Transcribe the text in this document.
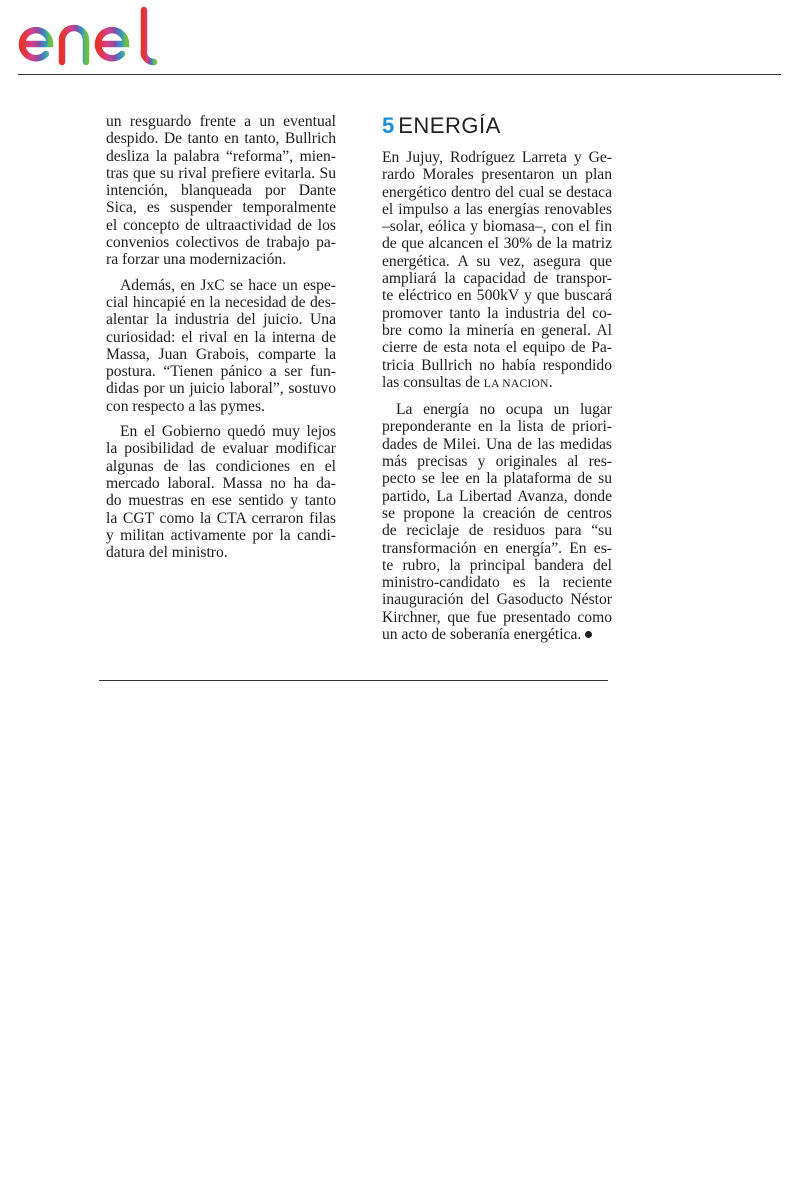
un resguardo frente a un eventual
despido. De tanto en tanto, Bullrich
desliza la palabra “reforma”, mien-
tras que su rival prefiere evitarla. Su
intención, blanqueada por Dante
Sica, es suspender temporalmente
el concepto de ultraactividad de los
convenios colectivos de trabajo pa-
ra forzar una modernización.

Además, en JxC se hace un espe-
cial hincapié en la necesidad de des-
alentar la industria del juicio. Una
curiosidad: el rival en la interna de
Massa, Juan Grabois, comparte la
postura. “Tienen pánico a ser fun-
didas por un juicio laboral”, sostuvo
con respecto a las pymes.

En el Gobierno quedó muy lejos
la posibilidad de evaluar modificar
algunas de las condiciones en el
mercado laboral. Massa no ha da-
do muestras en ese sentido y tanto
la CGT como la CTA cerraron filas
y militan activamente por la candi-
datura del ministro.

5 ENERGÍA

En Jujuy, Rodríguez Larreta y Ge-
rardo Morales presentaron un plan
energético dentro del cual se destaca
el impulso a las energías renovables
–solar, eólica y biomasa–, con el fin
de que alcancen el 30% de la matriz
energética. A su vez, asegura que
ampliará la capacidad de transpor-
te eléctrico en 500kV y que buscará
promover tanto la industria del co-
bre como la minería en general. Al
cierre de esta nota el equipo de Pa-
tricia Bullrich no había respondido
las consultas de LA NACION.

La energía no ocupa un lugar
preponderante en la lista de priori-
dades de Milei. Una de las medidas
más precisas y originales al res-
pecto se lee en la plataforma de su
partido, La Libertad Avanza, donde
se propone la creación de centros
de reciclaje de residuos para “su
transformación en energía”. En es-
te rubro, la principal bandera del
ministro-candidato es la reciente
inauguración del Gasoducto Néstor
Kirchner, que fue presentado como
un acto de soberanía energética.
